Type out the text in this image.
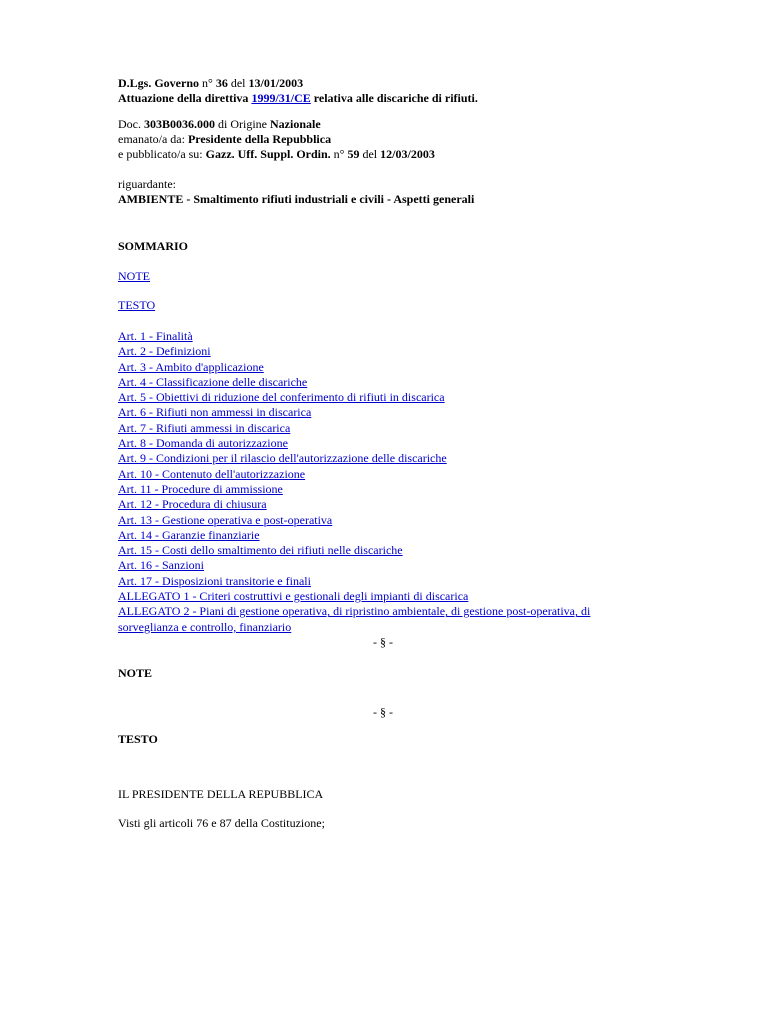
D.Lgs. Governo n° 36 del 13/01/2003
Attuazione della direttiva 1999/31/CE relativa alle discariche di rifiuti.
Doc. 303B0036.000 di Origine Nazionale
emanato/a da: Presidente della Repubblica
e pubblicato/a su: Gazz. Uff. Suppl. Ordin. n° 59 del 12/03/2003
riguardante:
AMBIENTE - Smaltimento rifiuti industriali e civili - Aspetti generali
SOMMARIO
NOTE
TESTO
Art. 1 - Finalità
Art. 2 - Definizioni
Art. 3 - Ambito d'applicazione
Art. 4 - Classificazione delle discariche
Art. 5 - Obiettivi di riduzione del conferimento di rifiuti in discarica
Art. 6 - Rifiuti non ammessi in discarica
Art. 7 - Rifiuti ammessi in discarica
Art. 8 - Domanda di autorizzazione
Art. 9 - Condizioni per il rilascio dell'autorizzazione delle discariche
Art. 10 - Contenuto dell'autorizzazione
Art. 11 - Procedure di ammissione
Art. 12 - Procedura di chiusura
Art. 13 - Gestione operativa e post-operativa
Art. 14 - Garanzie finanziarie
Art. 15 - Costi dello smaltimento dei rifiuti nelle discariche
Art. 16 - Sanzioni
Art. 17 - Disposizioni transitorie e finali
ALLEGATO 1 - Criteri costruttivi e gestionali degli impianti di discarica
ALLEGATO 2 - Piani di gestione operativa, di ripristino ambientale, di gestione post-operativa, di sorveglianza e controllo, finanziario
- § -
NOTE
- § -
TESTO
IL PRESIDENTE DELLA REPUBBLICA
Visti gli articoli 76 e 87 della Costituzione;
